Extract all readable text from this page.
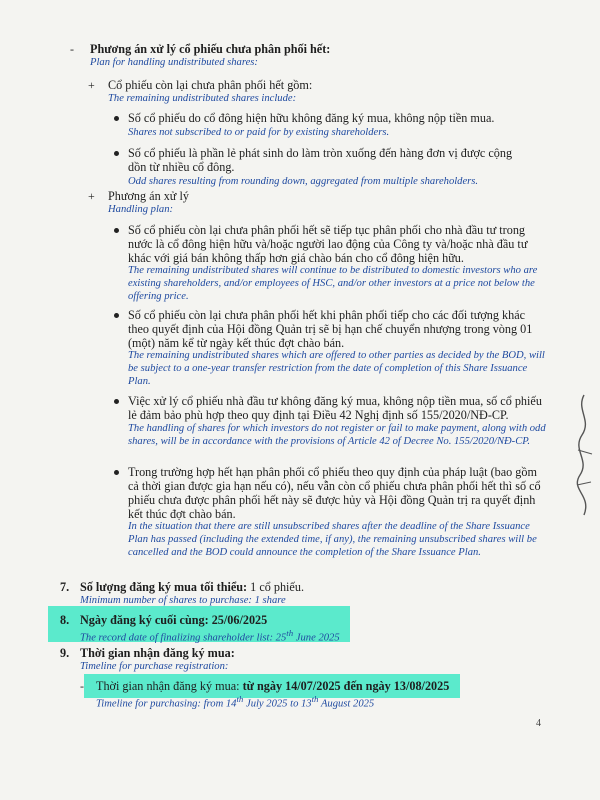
- Phương án xử lý cổ phiếu chưa phân phối hết:
Plan for handling undistributed shares:
+ Cổ phiếu còn lại chưa phân phối hết gồm:
The remaining undistributed shares include:
Số cổ phiếu do cổ đông hiện hữu không đăng ký mua, không nộp tiền mua.
Shares not subscribed to or paid for by existing shareholders.
Số cổ phiếu là phần lẻ phát sinh do làm tròn xuống đến hàng đơn vị được cộng dồn từ nhiều cổ đông.
Odd shares resulting from rounding down, aggregated from multiple shareholders.
+ Phương án xử lý
Handling plan:
Số cổ phiếu còn lại chưa phân phối hết sẽ tiếp tục phân phối cho nhà đầu tư trong nước là cổ đông hiện hữu và/hoặc người lao động của Công ty và/hoặc nhà đầu tư khác với giá bán không thấp hơn giá chào bán cho cổ đông hiện hữu.
The remaining undistributed shares will continue to be distributed to domestic investors who are existing shareholders, and/or employees of HSC, and/or other investors at a price not below the offering price.
Số cổ phiếu còn lại chưa phân phối hết khi phân phối tiếp cho các đối tượng khác theo quyết định của Hội đồng Quản trị sẽ bị hạn chế chuyển nhượng trong vòng 01 (một) năm kể từ ngày kết thúc đợt chào bán.
The remaining undistributed shares which are offered to other parties as decided by the BOD, will be subject to a one-year transfer restriction from the date of completion of this Share Issuance Plan.
Việc xử lý cổ phiếu nhà đầu tư không đăng ký mua, không nộp tiền mua, số cổ phiếu lẻ đảm bảo phù hợp theo quy định tại Điều 42 Nghị định số 155/2020/NĐ-CP.
The handling of shares for which investors do not register or fail to make payment, along with odd shares, will be in accordance with the provisions of Article 42 of Decree No. 155/2020/NĐ-CP.
Trong trường hợp hết hạn phân phối cổ phiếu theo quy định của pháp luật (bao gồm cả thời gian được gia hạn nếu có), nếu vẫn còn cổ phiếu chưa phân phối hết thì số cổ phiếu chưa được phân phối hết này sẽ được hủy và Hội đồng Quản trị ra quyết định kết thúc đợt chào bán.
In the situation that there are still unsubscribed shares after the deadline of the Share Issuance Plan has passed (including the extended time, if any), the remaining unsubscribed shares will be cancelled and the BOD could announce the completion of the Share Issuance Plan.
7. Số lượng đăng ký mua tối thiểu: 1 cổ phiếu.
Minimum number of shares to purchase: 1 share
8. Ngày đăng ký cuối cùng: 25/06/2025
The record date of finalizing shareholder list: 25th June 2025
9. Thời gian nhận đăng ký mua:
Timeline for purchase registration:
- Thời gian nhận đăng ký mua: từ ngày 14/07/2025 đến ngày 13/08/2025
Timeline for purchasing: from 14th July 2025 to 13th August 2025
4
